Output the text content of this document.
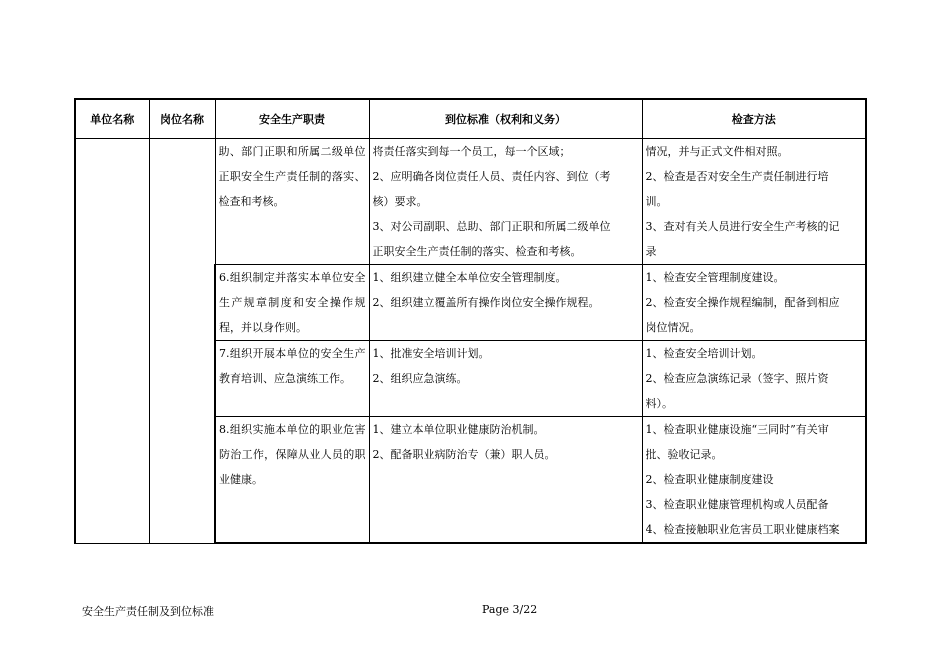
单位名称	岗位名称	安全生产职责	到位标准（权利和义务）	检查方法

		助、部门正职和所属二级单位正职安全生产责任制的落实、检查和考核。	将责任落实到每一个员工，每一个区域；
2、应明确各岗位责任人员、责任内容、到位（考
核）要求。
3、对公司副职、总助、部门正职和所属二级单位
正职安全生产责任制的落实、检查和考核。	情况，并与正式文件相对照。
2、检查是否对安全生产责任制进行培
训。
3、查对有关人员进行安全生产考核的记
录

		6.组织制定并落实本单位安全生产规章制度和安全操作规程，并以身作则。	1、组织建立健全本单位安全管理制度。
2、组织建立覆盖所有操作岗位安全操作规程。	1、检查安全管理制度建设。
2、检查安全操作规程编制，配备到相应
岗位情况。

		7.组织开展本单位的安全生产教育培训、应急演练工作。	1、批准安全培训计划。
2、组织应急演练。	1、检查安全培训计划。
2、检查应急演练记录（签字、照片资
料）。

		8.组织实施本单位的职业危害防治工作，保障从业人员的职业健康。	1、建立本单位职业健康防治机制。
2、配备职业病防治专（兼）职人员。	1、检查职业健康设施“三同时”有关审
批、验收记录。
2、检查职业健康制度建设
3、检查职业健康管理机构或人员配备
4、检查接触职业危害员工职业健康档案
安全生产责任制及到位标准	Page 3/22
